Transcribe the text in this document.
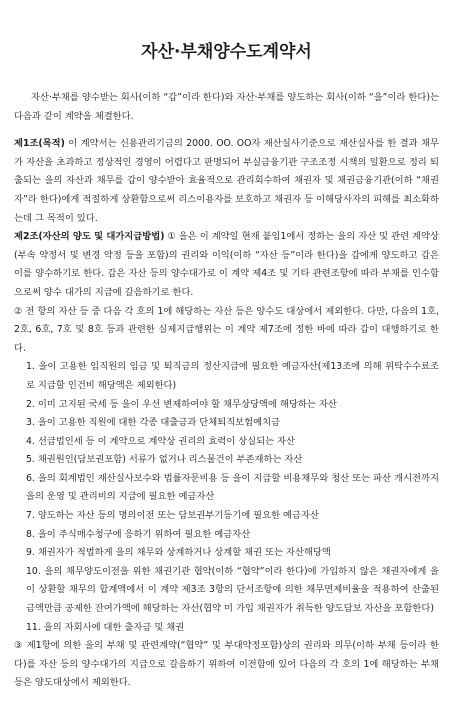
자산·부채양수도계약서

자산·부채를 양수받는 회사(이하 “갑”이라 한다)와 자산·부채를 양도하는 회사(이하 “을”이라 한다)는 다음과 같이 계약을 체결한다.

제1조(목적) 이 계약서는 신용관리기금의 2000. OO. OO자 재산실사기준으로 재산실사를 한 결과 채무가 자산을 초과하고 정상적인 경영이 어렵다고 판명되어 부실금융기관 구조조정 시책의 일환으로 정리 퇴출되는 을의 자산과 채무를 갑이 양수받아 효율적으로 관리회수하여 채권자 및 채권금융기관(이하 “채권자”라 한다)에게 적절하게 상환함으로써 리스이용자를 보호하고 채권자 등 이해당사자의 피해를 최소화하는데 그 목적이 있다.

제2조(자산의 양도 및 대가지급방법) ① 을은 이 계약일 현재 붙임1에서 정하는 을의 자산 및 관련 계약상(부속 약정서 및 변경 약정 등을 포함)의 권리와 이익(이하 “자산 등”이라 한다)을 갑에게 양도하고 갑은 이를 양수하기로 한다. 갑은 자산 등의 양수대가로 이 계약 제4조 및 기타 관련조항에 따라 부채를 인수함으로써 양수 대가의 지급에 갈음하기로 한다.

② 전 항의 자산 등 중 다음 각 호의 1에 해당하는 자산 등은 양수도 대상에서 제외한다. 다만, 다음의 1호, 2호, 6호, 7호 및 8호 등과 관련한 실제지급행위는 이 계약 제7조에 정한 바에 따라 갑이 대행하기로 한다.

1. 을이 고용한 임직원의 임금 및 퇴직금의 정산지급에 필요한 예금자산(제13조에 의해 위탁수수료조로 지급할 인건비 해당액은 제외한다)

2. 이미 고지된 국세 등 을이 우선 변제하여야 할 채무상당액에 해당하는 자산

3. 을이 고용한 직원에 대한 각종 대출금과 단체퇴직보험예치금

4. 선급법인세 등 이 계약으로 계약상 권리의 효력이 상실되는 자산

5. 채권원인(담보권포함) 서류가 없거나 리스물건이 부존재하는 자산

6. 을의 회계법인 재산실사보수와 법률자문비용 등 을이 지급할 비용채무와 청산 또는 파산 개시전까지 을의 운영 및 관리비의 지급에 필요한 예금자산

7. 양도하는 자산 등의 명의이전 또는 담보권부기등기에 필요한 예금자산

8. 을이 주식매수청구에 응하기 위하여 필요한 예금자산

9. 채권자가 적법하게 을의 채무와 상계하거나 상계할 채권 또는 자산해당액

10. 을의 채무양도이전을 위한 채권기관 협약(이하 “협약”이라 한다)에 가입하지 않은 채권자에게 을이 상환할 채무의 합계액에서 이 계약 제3조 3항의 단서조항에 의한 채무면제비율을 적용하여 산출된 금액만큼 공제한 잔여가액에 해당하는 자산(협약 미 가입 채권자가 취득한 양도담보 자산을 포함한다)

11. 을의 자회사에 대한 출자금 및 채권

③ 제1항에 의한 을의 부채 및 관련계약(“협약” 및 부대약정포함)상의 권리와 의무(이하 부채 등이라 한다)를 자산 등의 양수대가의 지급으로 갈음하기 위하여 이전함에 있어 다음의 각 호의 1에 해당하는 부채 등은 양도대상에서 제외한다.
